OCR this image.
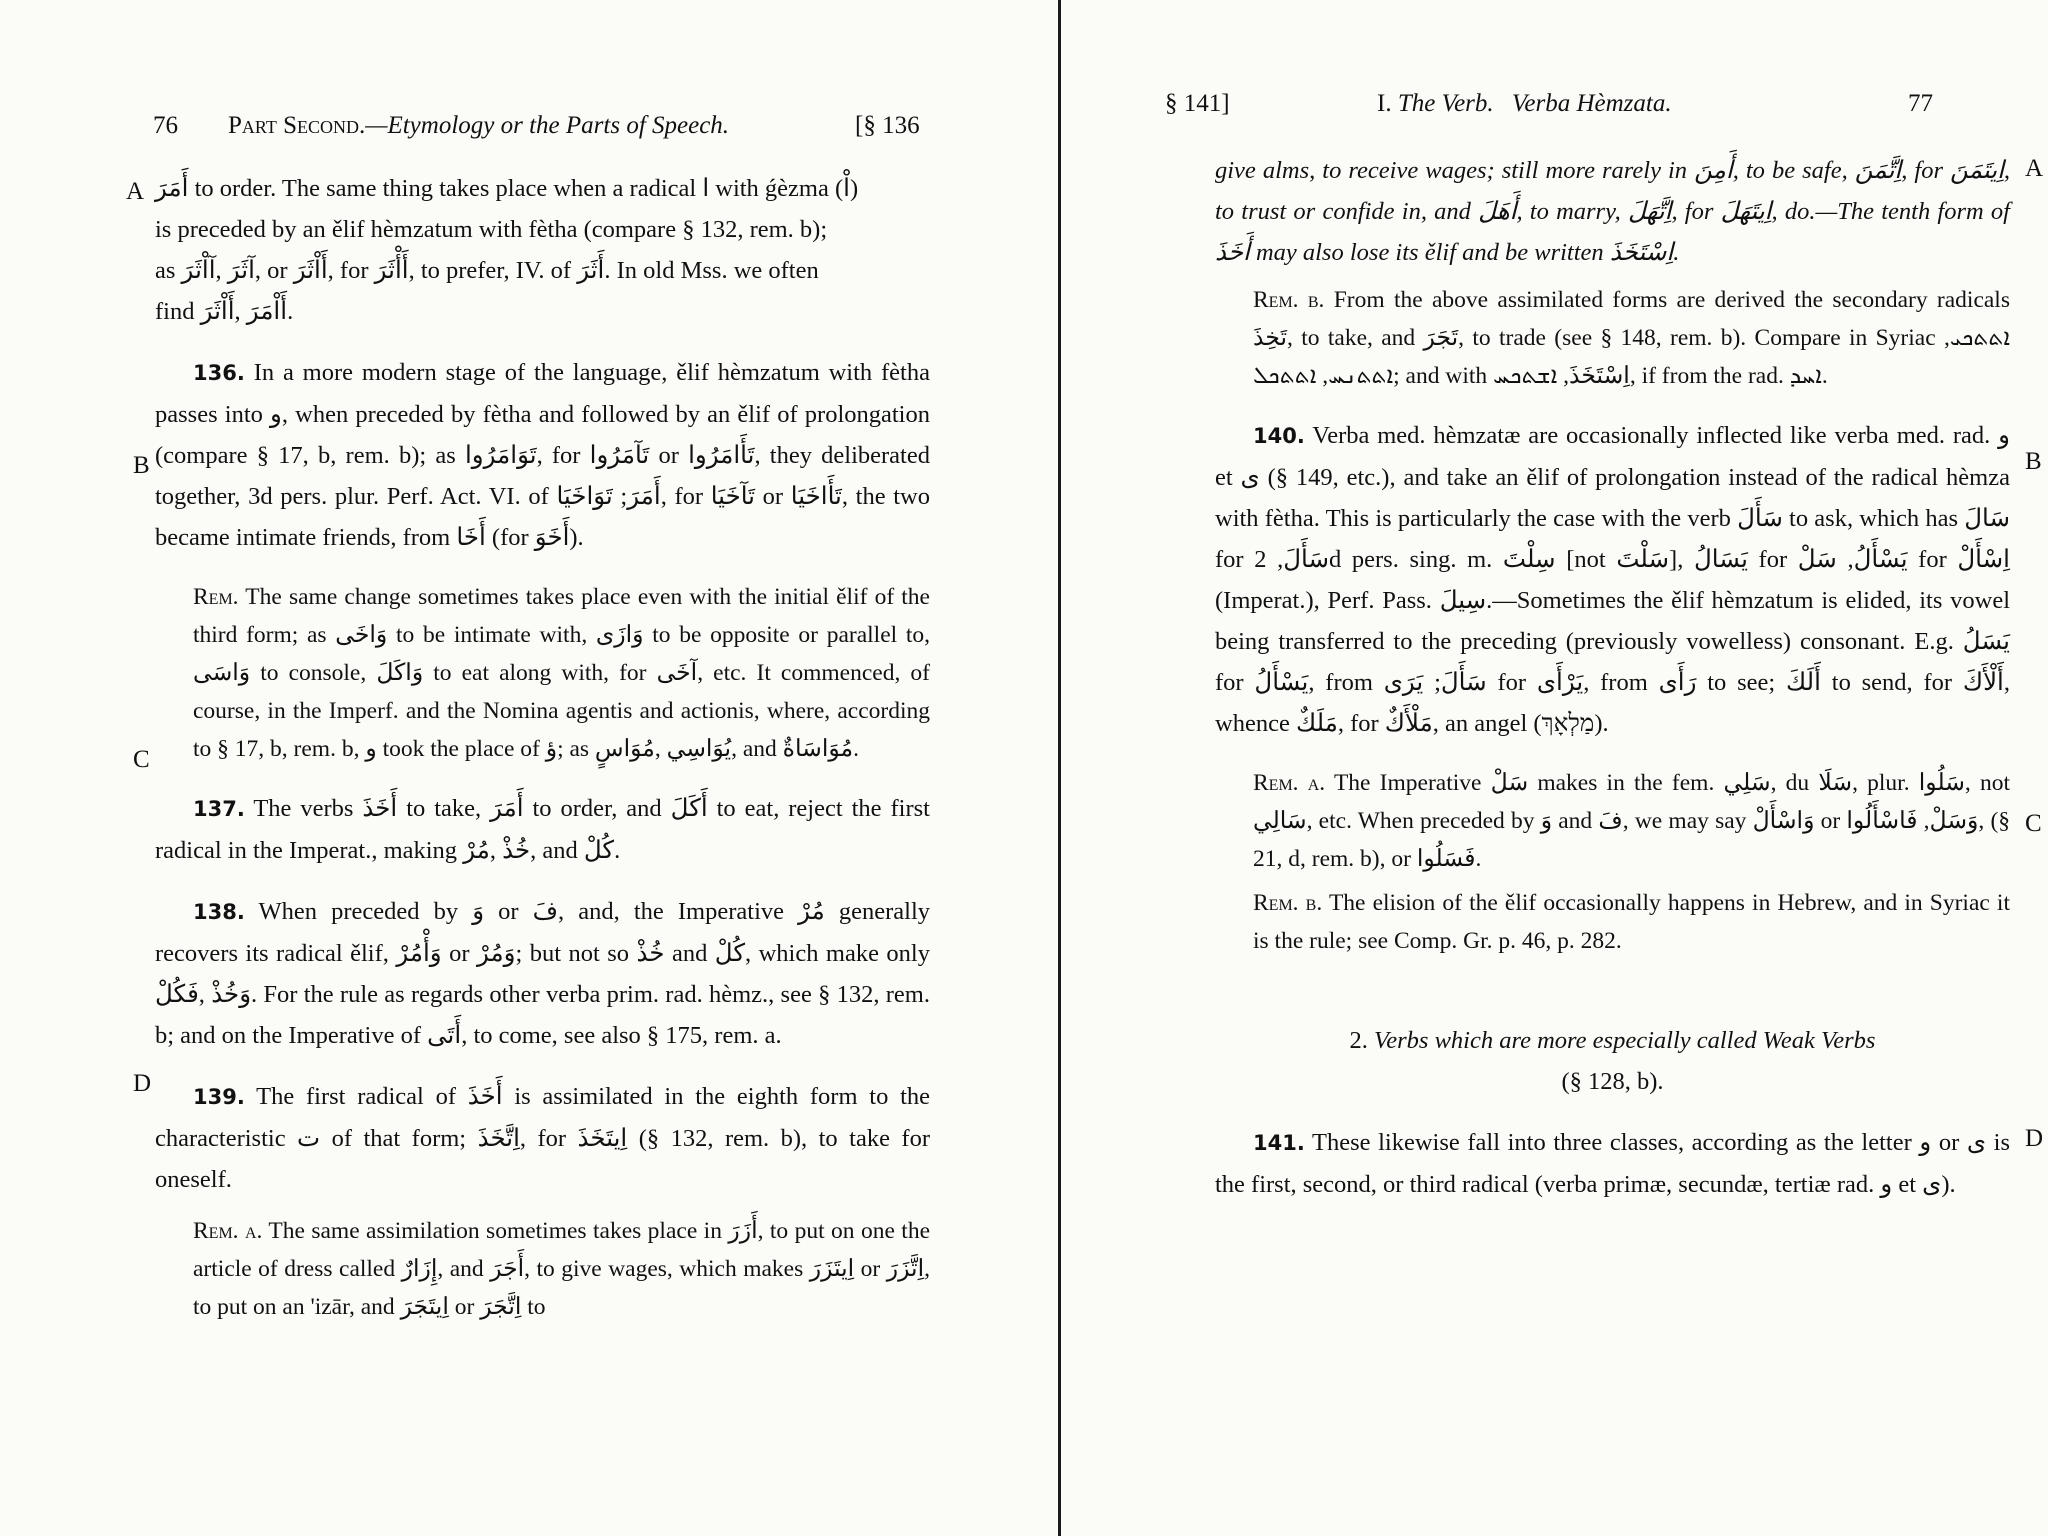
76 Part Second.—Etymology or the Parts of Speech.	[§ 136
A
B
C
D
أَمَرَ to order. The same thing takes place when a radical ا with ǵèzma (اْ)
is preceded by an ělif hèmzatum with fètha (compare § 132, rem. b);
as آثَرَ ,آاْثَرَ, or أَاْثَرَ, for أَأْثَرَ, to prefer, IV. of أَثَرَ. In old Mss. we often
find أَاْمَرَ ,أَاْثَرَ.

136. In a more modern stage of the language, ělif hèmzatum with fètha passes into و, when preceded by fètha and followed by an ělif of prolongation (compare § 17, b, rem. b); as تَوَامَرُوا, for تَآمَرُوا or تَأَامَرُوا, they deliberated together, 3d pers. plur. Perf. Act. VI. of أَمَرَ; تَوَاخَيَا, for تَآخَيَا or تَأَاخَيَا, the two became intimate friends, from أَخَا (for أَخَوَ).

Rem. The same change sometimes takes place even with the initial ělif of the third form; as وَاخَى to be intimate with, وَازَى to be opposite or parallel to, وَاسَى to console, وَاكَلَ to eat along with, for آخَى, etc. It commenced, of course, in the Imperf. and the Nomina agentis and actionis, where, according to § 17, b, rem. b, و took the place of ؤ; as يُوَاسِي ,مُوَاسٍ, and مُوَاسَاةٌ.

137. The verbs أَخَذَ to take, أَمَرَ to order, and أَكَلَ to eat, reject the first radical in the Imperat., making خُذْ ,مُرْ, and كُلْ.

138. When preceded by وَ or فَ, and, the Imperative مُرْ generally recovers its radical ělif, وَأْمُرْ or وَمُرْ; but not so خُذْ and كُلْ, which make only وَخُذْ ,فَكُلْ. For the rule as regards other verba prim. rad. hèmz., see § 132, rem. b; and on the Imperative of أَتَى, to come, see also § 175, rem. a.

139. The first radical of أَخَذَ is assimilated in the eighth form to the characteristic ت of that form; اِتَّخَذَ, for اِيتَخَذَ (§ 132, rem. b), to take for oneself.

Rem. a. The same assimilation sometimes takes place in أَزَرَ, to put on one the article of dress called إِزَارٌ, and أَجَرَ, to give wages, which makes اِيتَزَرَ or اِتَّزَرَ, to put on an 'izār, and اِيتَجَرَ or اِتَّجَرَ to

§ 141]	I. The Verb. Verba Hèmzata.	77
A
B
C
D

give alms, to receive wages; still more rarely in أَمِنَ, to be safe, اِتَّمَنَ, for اِيتَمَنَ, to trust or confide in, and أَهَلَ, to marry, اِتَّهَلَ, for اِيتَهَلَ, do.—The tenth form of أَخَذَ may also lose its ělif and be written اِسْتَخَذَ.

Rem. b. From the above assimilated forms are derived the secondary radicals تَخِذَ, to take, and تَجَرَ, to trade (see § 148, rem. b). Compare in Syriac ܐܬܬܟܝ, ܐܬܬܢܚ, ܐܬܬܟܠ; and with اِسْتَخَذَ, ܐܫܬܟܚ, if from the rad. ܐܚܕ.

140. Verba med. hèmzatæ are occasionally inflected like verba med. rad. و et ى (§ 149, etc.), and take an ělif of prolongation instead of the radical hèmza with fètha. This is particularly the case with the verb سَأَلَ to ask, which has سَالَ for سَأَلَ, 2d pers. sing. m. سِلْتَ [not سَلْتَ], يَسَالُ for يَسْأَلُ, سَلْ for اِسْأَلْ (Imperat.), Perf. Pass. سِيلَ.—Sometimes the ělif hèmzatum is elided, its vowel being transferred to the preceding (previously vowelless) consonant. E.g. يَسَلُ for يَسْأَلُ, from سَأَلَ; يَرَى for يَرْأَى, from رَأَى to see; أَلَكَ to send, for أَلْأَكَ, whence مَلَكٌ, for مَلْأَكٌ, an angel (מַלְאָךְ).

Rem. a. The Imperative سَلْ makes in the fem. سَلِي, du سَلَا, plur. سَلُوا, not سَالِي, etc. When preceded by وَ and فَ, we may say وَاسْأَلْ or وَسَلْ, فَاسْأَلُوا, (§ 21, d, rem. b), or فَسَلُوا.

Rem. b. The elision of the ělif occasionally happens in Hebrew, and in Syriac it is the rule; see Comp. Gr. p. 46, p. 282.

2. Verbs which are more especially called Weak Verbs
(§ 128, b).

141. These likewise fall into three classes, according as the letter و or ى is the first, second, or third radical (verba primæ, secundæ, tertiæ rad. و et ى).
